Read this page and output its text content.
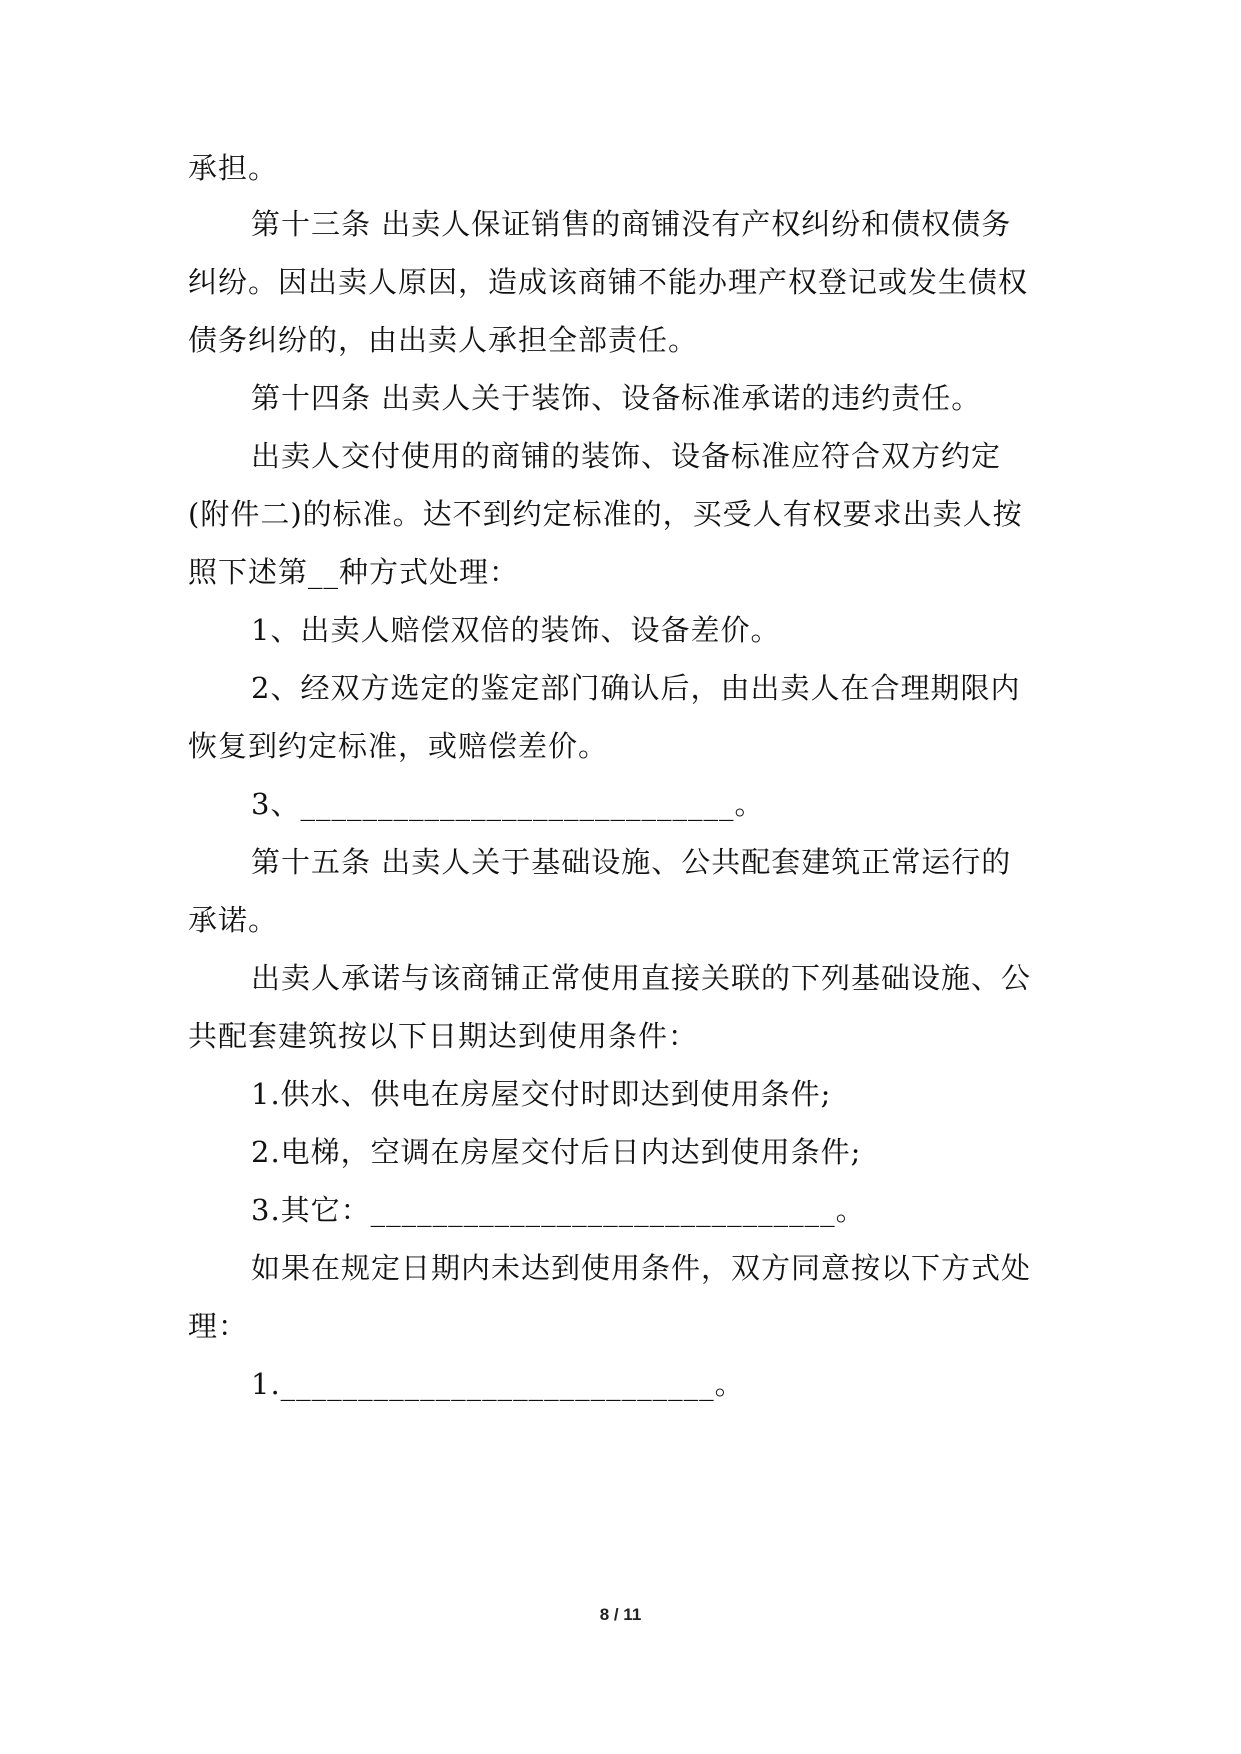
承担。
第十三条 出卖人保证销售的商铺没有产权纠纷和债权债务
纠纷。因出卖人原因，造成该商铺不能办理产权登记或发生债权
债务纠纷的，由出卖人承担全部责任。
第十四条 出卖人关于装饰、设备标准承诺的违约责任。
出卖人交付使用的商铺的装饰、设备标准应符合双方约定
(附件二)的标准。达不到约定标准的，买受人有权要求出卖人按
照下述第__种方式处理：
1、出卖人赔偿双倍的装饰、设备差价。
2、经双方选定的鉴定部门确认后，由出卖人在合理期限内
恢复到约定标准，或赔偿差价。
3、____________________________。
第十五条 出卖人关于基础设施、公共配套建筑正常运行的
承诺。
出卖人承诺与该商铺正常使用直接关联的下列基础设施、公
共配套建筑按以下日期达到使用条件：
1.供水、供电在房屋交付时即达到使用条件;
2.电梯，空调在房屋交付后日内达到使用条件;
3.其它：______________________________。
如果在规定日期内未达到使用条件，双方同意按以下方式处
理：
1.____________________________。
8 / 11
